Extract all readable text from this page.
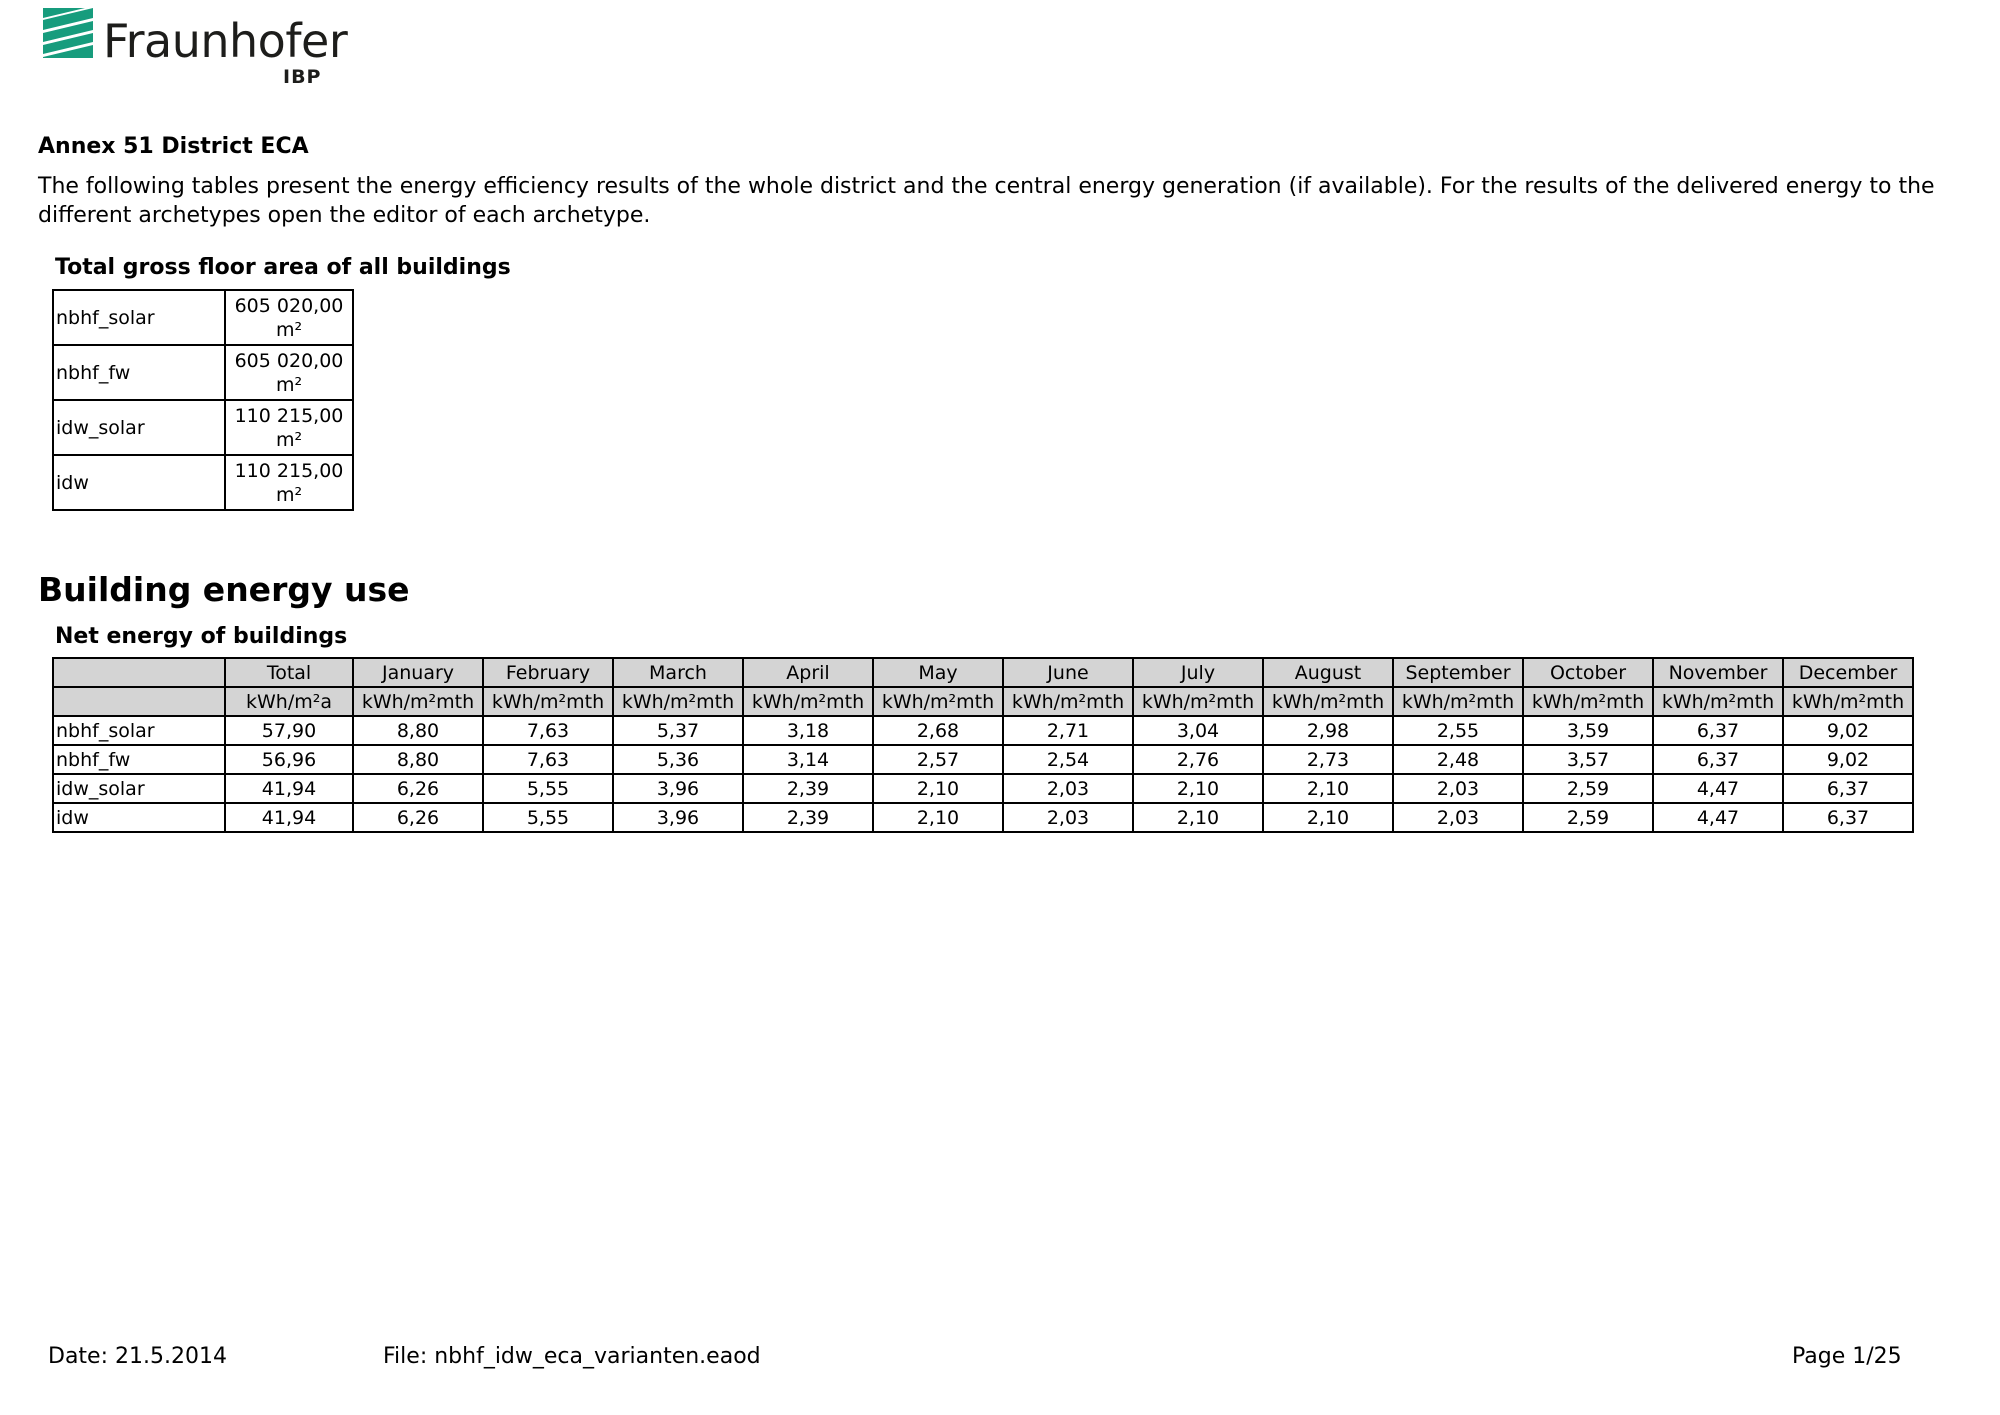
Fraunhofer
IBP
Annex 51 District ECA
The following tables present the energy efficiency results of the whole district and the central energy generation (if available). For the results of the delivered energy to the different archetypes open the editor of each archetype.
Total gross floor area of all buildings
nbhf_solar	605 020,00
m²
nbhf_fw	605 020,00
m²
idw_solar	110 215,00
m²
idw	110 215,00
m²
Building energy use
Net energy of buildings
	Total	January	February	March	April	May	June	July	August	September	October	November	December
	kWh/m²a	kWh/m²mth	kWh/m²mth	kWh/m²mth	kWh/m²mth	kWh/m²mth	kWh/m²mth	kWh/m²mth	kWh/m²mth	kWh/m²mth	kWh/m²mth	kWh/m²mth	kWh/m²mth
nbhf_solar	57,90	8,80	7,63	5,37	3,18	2,68	2,71	3,04	2,98	2,55	3,59	6,37	9,02
nbhf_fw	56,96	8,80	7,63	5,36	3,14	2,57	2,54	2,76	2,73	2,48	3,57	6,37	9,02
idw_solar	41,94	6,26	5,55	3,96	2,39	2,10	2,03	2,10	2,10	2,03	2,59	4,47	6,37
idw	41,94	6,26	5,55	3,96	2,39	2,10	2,03	2,10	2,10	2,03	2,59	4,47	6,37
Date: 21.5.2014	File: nbhf_idw_eca_varianten.eaod	Page 1/25
